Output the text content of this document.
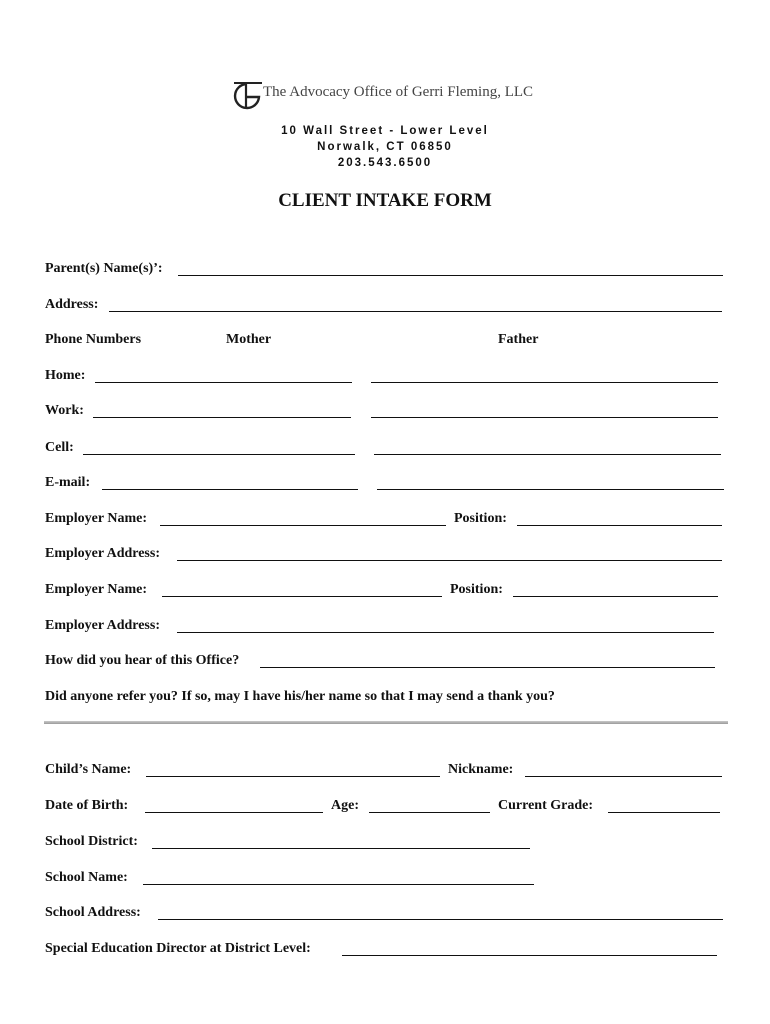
The Advocacy Office of Gerri Fleming, LLC
10 Wall Street - Lower Level
Norwalk, CT 06850
203.543.6500
CLIENT INTAKE FORM
Parent(s) Name(s)’:
Address:
Phone Numbers	Mother	Father
Home:
Work:
Cell:
E-mail:
Employer Name:	Position:
Employer Address:
Employer Name:	Position:
Employer Address:
How did you hear of this Office?
Did anyone refer you? If so, may I have his/her name so that I may send a thank you?
Child’s Name:	Nickname:
Date of Birth:	Age:	Current Grade:
School District:
School Name:
School Address:
Special Education Director at District Level:
